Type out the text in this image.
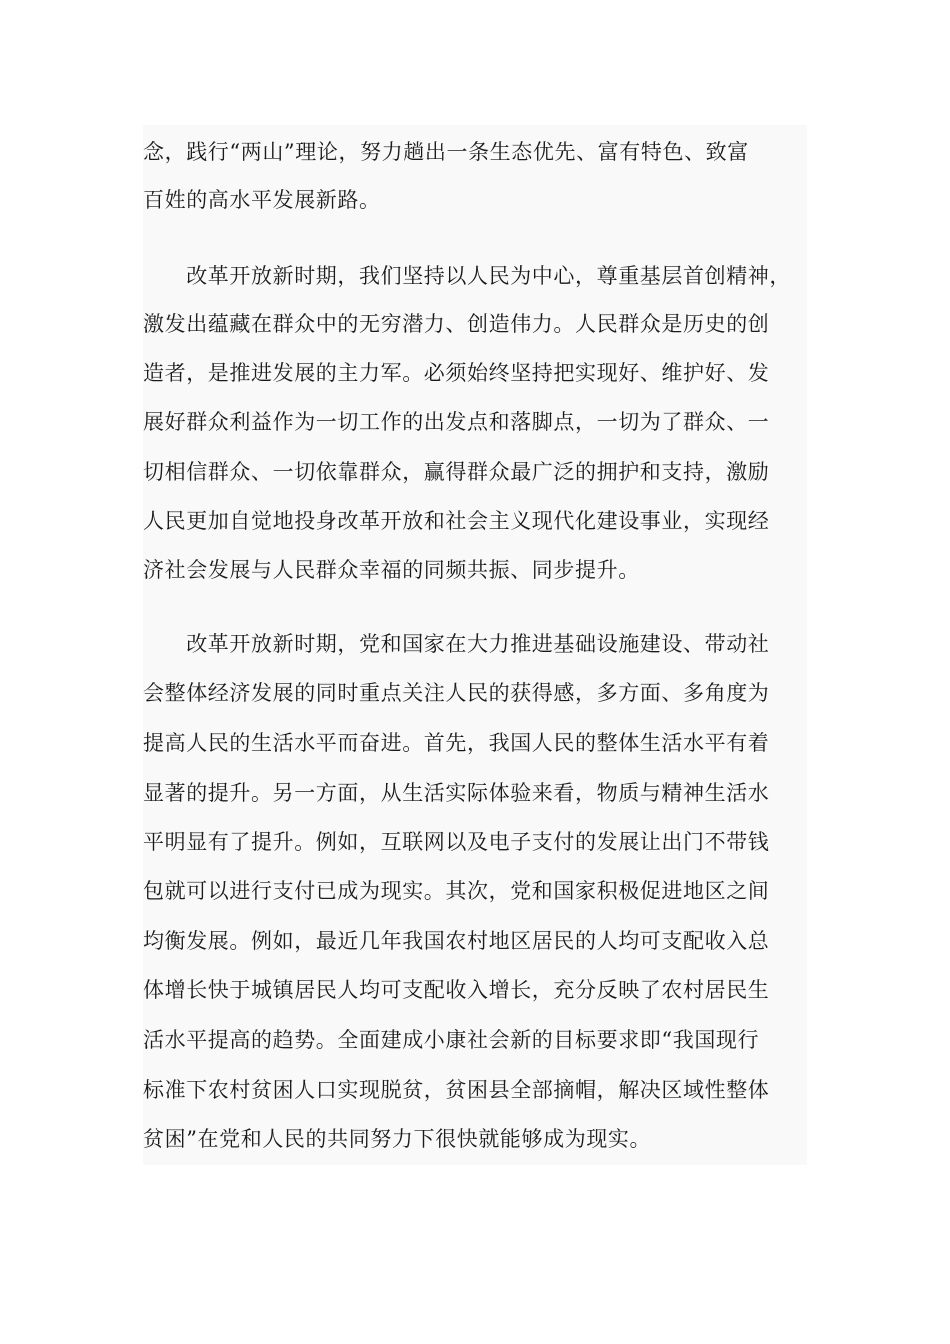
念，践行“两山”理论，努力趟出一条生态优先、富有特色、致富
百姓的高水平发展新路。
　　改革开放新时期，我们坚持以人民为中心，尊重基层首创精神，
激发出蕴藏在群众中的无穷潜力、创造伟力。人民群众是历史的创
造者，是推进发展的主力军。必须始终坚持把实现好、维护好、发
展好群众利益作为一切工作的出发点和落脚点，一切为了群众、一
切相信群众、一切依靠群众，赢得群众最广泛的拥护和支持，激励
人民更加自觉地投身改革开放和社会主义现代化建设事业，实现经
济社会发展与人民群众幸福的同频共振、同步提升。
　　改革开放新时期，党和国家在大力推进基础设施建设、带动社
会整体经济发展的同时重点关注人民的获得感，多方面、多角度为
提高人民的生活水平而奋进。首先，我国人民的整体生活水平有着
显著的提升。另一方面，从生活实际体验来看，物质与精神生活水
平明显有了提升。例如，互联网以及电子支付的发展让出门不带钱
包就可以进行支付已成为现实。其次，党和国家积极促进地区之间
均衡发展。例如，最近几年我国农村地区居民的人均可支配收入总
体增长快于城镇居民人均可支配收入增长，充分反映了农村居民生
活水平提高的趋势。全面建成小康社会新的目标要求即“我国现行
标准下农村贫困人口实现脱贫，贫困县全部摘帽，解决区域性整体
贫困”在党和人民的共同努力下很快就能够成为现实。
